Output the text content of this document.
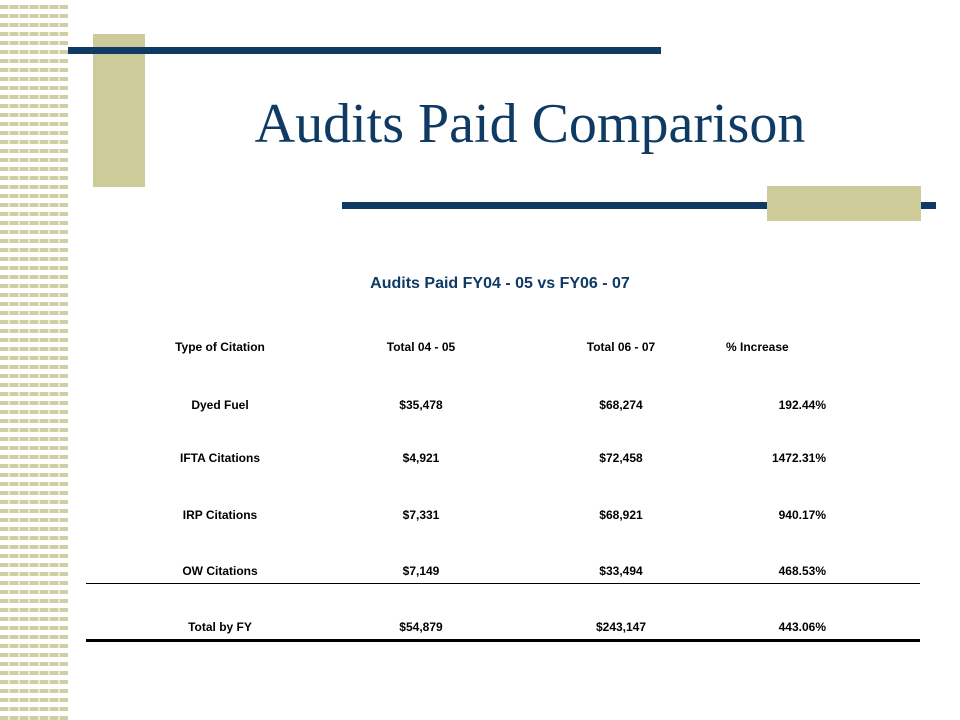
Audits Paid Comparison
Audits Paid FY04 - 05 vs FY06 - 07
Type of Citation	Total 04 - 05	Total 06 - 07	% Increase
Dyed Fuel	$35,478	$68,274	192.44%
IFTA Citations	$4,921	$72,458	1472.31%
IRP Citations	$7,331	$68,921	940.17%
OW Citations	$7,149	$33,494	468.53%
Total by FY	$54,879	$243,147	443.06%
